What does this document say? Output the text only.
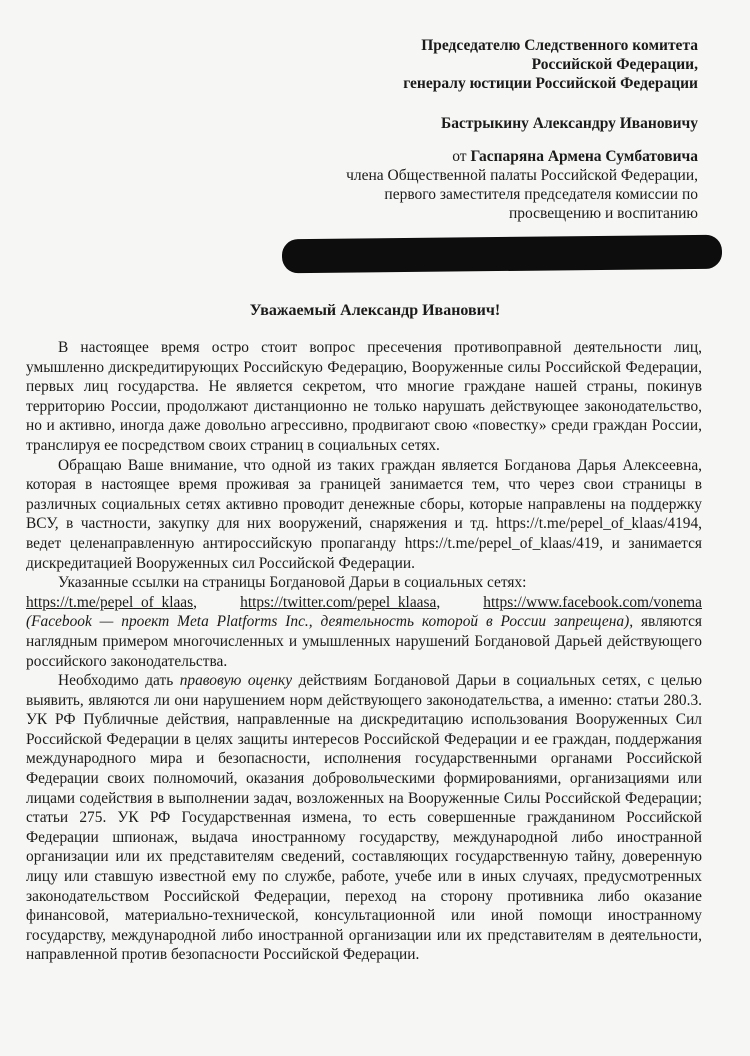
Председателю Следственного комитета
Российской Федерации,
генералу юстиции Российской Федерации
Бастрыкину Александру Ивановичу
от Гаспаряна Армена Сумбатовича
члена Общественной палаты Российской Федерации,
первого заместителя председателя комиссии по
просвещению и воспитанию
Уважаемый Александр Иванович!

В настоящее время остро стоит вопрос пресечения противоправной деятельности лиц, умышленно дискредитирующих Российскую Федерацию, Вооруженные силы Российской Федерации, первых лиц государства. Не является секретом, что многие граждане нашей страны, покинув территорию России, продолжают дистанционно не только нарушать действующее законодательство, но и активно, иногда даже довольно агрессивно, продвигают свою «повестку» среди граждан России, транслируя ее посредством своих страниц в социальных сетях.

Обращаю Ваше внимание, что одной из таких граждан является Богданова Дарья Алексеевна, которая в настоящее время проживая за границей занимается тем, что через свои страницы в различных социальных сетях активно проводит денежные сборы, которые направлены на поддержку ВСУ, в частности, закупку для них вооружений, снаряжения и тд. https://t.me/pepel_of_klaas/4194, ведет целенаправленную антироссийскую пропаганду https://t.me/pepel_of_klaas/419, и занимается дискредитацией Вооруженных сил Российской Федерации.

Указанные ссылки на страницы Богдановой Дарьи в социальных сетях:

https://t.me/pepel_of_klaas,   https://twitter.com/pepel_klaasa,   https://www.facebook.com/vonema (Facebook — проект Meta Platforms Inc., деятельность которой в России запрещена), являются наглядным примером многочисленных и умышленных нарушений Богдановой Дарьей действующего российского законодательства.

Необходимо дать правовую оценку действиям Богдановой Дарьи в социальных сетях, с целью выявить, являются ли они нарушением норм действующего законодательства, а именно: статьи 280.3. УК РФ Публичные действия, направленные на дискредитацию использования Вооруженных Сил Российской Федерации в целях защиты интересов Российской Федерации и ее граждан, поддержания международного мира и безопасности, исполнения государственными органами Российской Федерации своих полномочий, оказания добровольческими формированиями, организациями или лицами содействия в выполнении задач, возложенных на Вооруженные Силы Российской Федерации; статьи 275. УК РФ Государственная измена, то есть совершенные гражданином Российской Федерации шпионаж, выдача иностранному государству, международной либо иностранной организации или их представителям сведений, составляющих государственную тайну, доверенную лицу или ставшую известной ему по службе, работе, учебе или в иных случаях, предусмотренных законодательством Российской Федерации, переход на сторону противника либо оказание финансовой, материально-технической, консультационной или иной помощи иностранному государству, международной либо иностранной организации или их представителям в деятельности, направленной против безопасности Российской Федерации.
